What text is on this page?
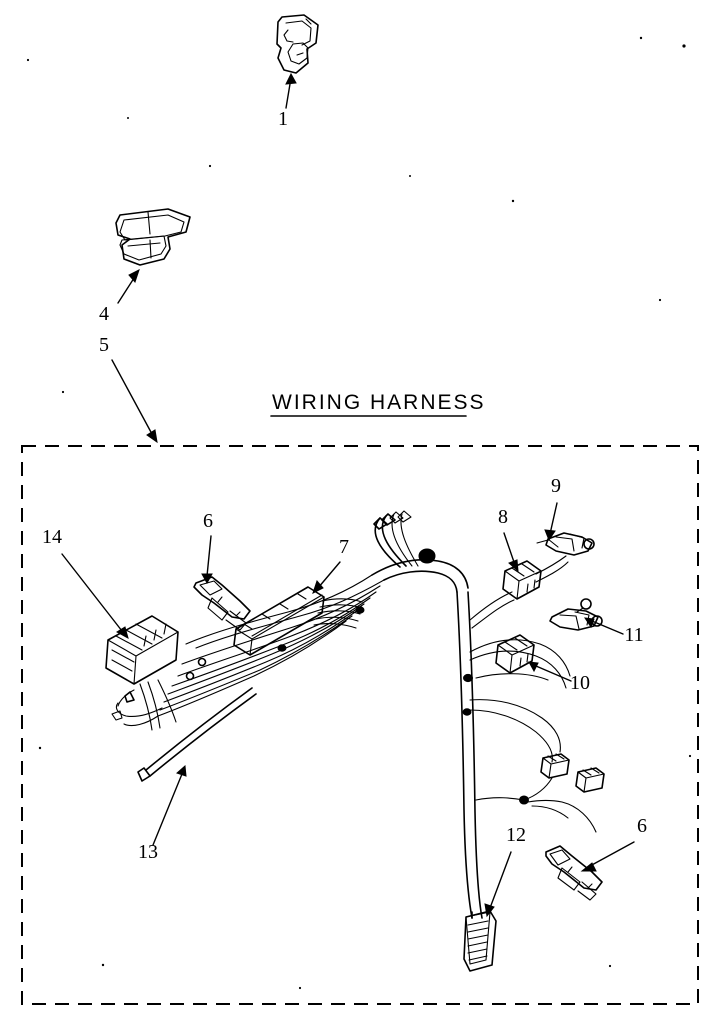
WIRING HARNESS
1
4
5
6
7
8
9
10
11
12
13
14
6
